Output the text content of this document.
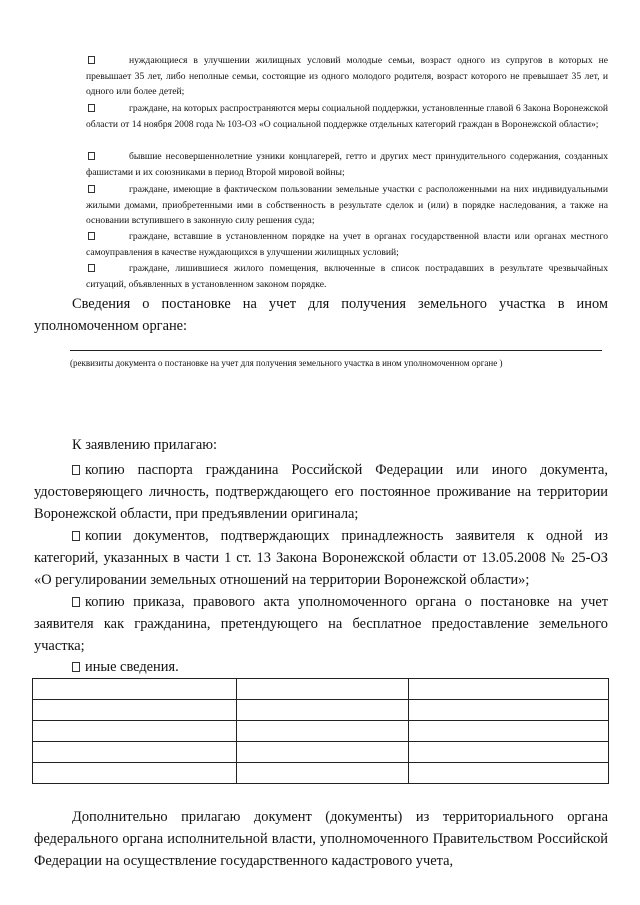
нуждающиеся в улучшении жилищных условий молодые семьи, возраст одного из супругов в которых не превышает 35 лет, либо неполные семьи, состоящие из одного молодого родителя, возраст которого не превышает 35 лет, и одного или более детей;
граждане, на которых распространяются меры социальной поддержки, установленные главой 6 Закона Воронежской области от 14 ноября 2008 года № 103-ОЗ «О социальной поддержке отдельных категорий граждан в Воронежской области»;
бывшие несовершеннолетние узники концлагерей, гетто и других мест принудительного содержания, созданных фашистами и их союзниками в период Второй мировой войны;
граждане, имеющие в фактическом пользовании земельные участки с расположенными на них индивидуальными жилыми домами, приобретенными ими в собственность в результате сделок и (или) в порядке наследования, а также на основании вступившего в законную силу решения суда;
граждане, вставшие в установленном порядке на учет в органах государственной власти или органах местного самоуправления в качестве нуждающихся в улучшении жилищных условий;
граждане, лишившиеся жилого помещения, включенные в список пострадавших в результате чрезвычайных ситуаций, объявленных в установленном законом порядке.
Сведения о постановке на учет для получения земельного участка в ином уполномоченном органе:
(реквизиты документа о постановке на учет для получения земельного участка в ином уполномоченном органе )
К заявлению прилагаю:
копию паспорта гражданина Российской Федерации или иного документа, удостоверяющего личность, подтверждающего его постоянное проживание на территории Воронежской области, при предъявлении оригинала;
копии документов, подтверждающих принадлежность заявителя к одной из категорий, указанных в части 1 ст. 13 Закона Воронежской области от 13.05.2008 № 25-ОЗ «О регулировании земельных отношений на территории Воронежской области»;
копию приказа, правового акта уполномоченного органа о постановке на учет заявителя как гражданина, претендующего на бесплатное предоставление земельного участка;
иные сведения.

Дополнительно прилагаю документ (документы) из территориального органа федерального органа исполнительной власти, уполномоченного Правительством Российской Федерации на осуществление государственного кадастрового учета,
